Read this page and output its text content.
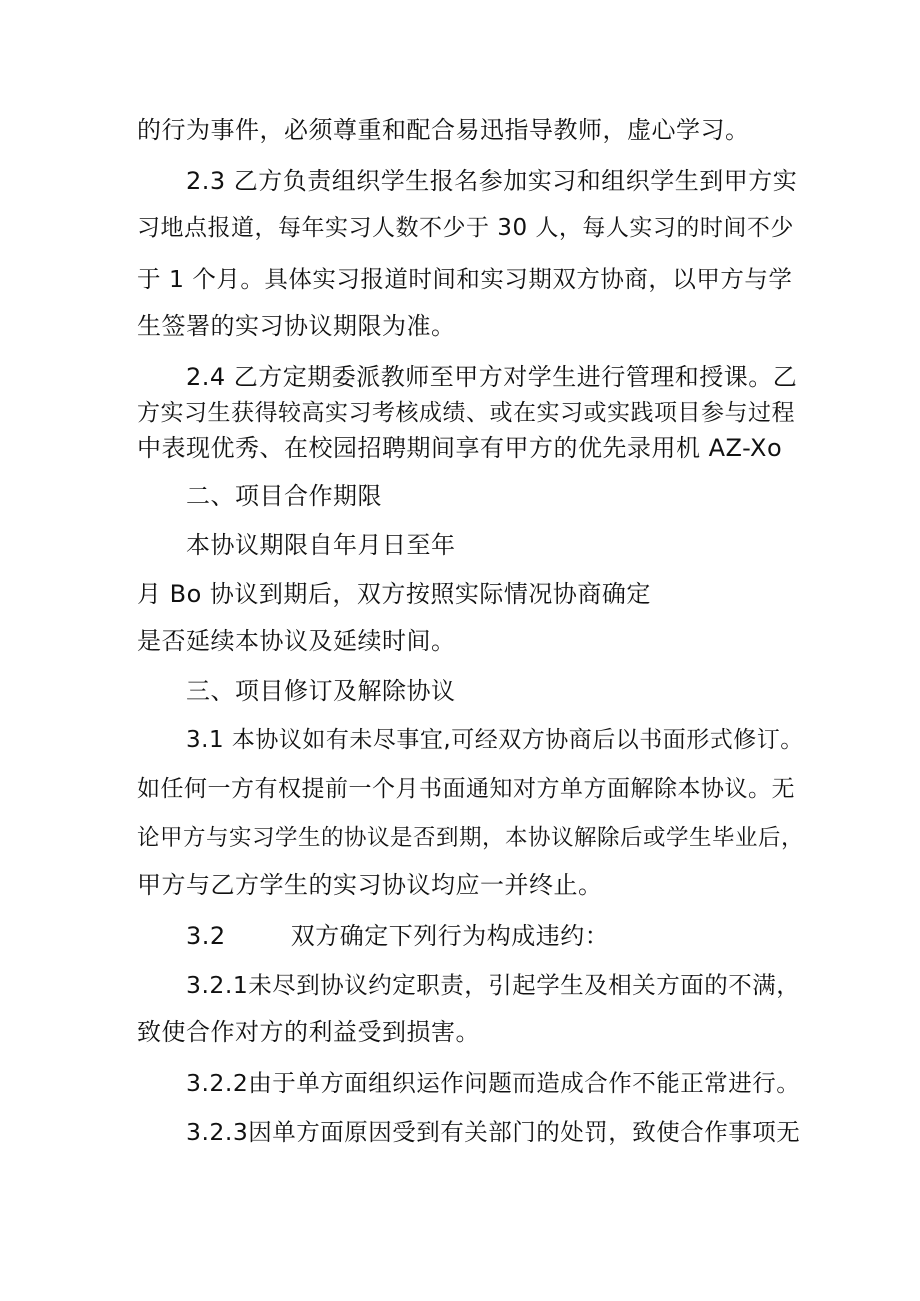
的行为事件，必须尊重和配合易迅指导教师，虚心学习。
2.3 乙方负责组织学生报名参加实习和组织学生到甲方实
习地点报道，每年实习人数不少于 30 人，每人实习的时间不少
于 1 个月。具体实习报道时间和实习期双方协商，以甲方与学
生签署的实习协议期限为准。
2.4 乙方定期委派教师至甲方对学生进行管理和授课。乙
方实习生获得较高实习考核成绩、或在实习或实践项目参与过程
中表现优秀、在校园招聘期间享有甲方的优先录用机 AZ-Xo
二、项目合作期限
本协议期限自年月日至年
月 Bo 协议到期后，双方按照实际情况协商确定
是否延续本协议及延续时间。
三、项目修订及解除协议
3.1 本协议如有未尽事宜,可经双方协商后以书面形式修订。
如任何一方有权提前一个月书面通知对方单方面解除本协议。无
论甲方与实习学生的协议是否到期，本协议解除后或学生毕业后，
甲方与乙方学生的实习协议均应一并终止。
3.2        双方确定下列行为构成违约：
3.2.1未尽到协议约定职责，引起学生及相关方面的不满，
致使合作对方的利益受到损害。
3.2.2由于单方面组织运作问题而造成合作不能正常进行。
3.2.3因单方面原因受到有关部门的处罚，致使合作事项无
